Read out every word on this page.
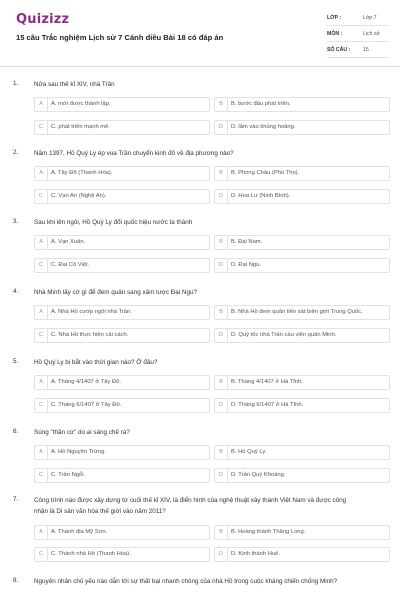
Quizizz
15 câu Trắc nghiệm Lịch sử 7 Cánh diều Bài 18 có đáp án
LỚP :	Lớp 7
MÔN :	Lịch sử
SỐ CÂU : 15
1. Nửa sau thế kỉ XIV, nhà Trần
A	A. mới được thành lập.	B	B. bước đầu phát triển.
C	C. phát triển mạnh mẽ.	D	D. lâm vào khủng hoảng.
2. Năm 1397, Hồ Quý Ly ép vua Trần chuyển kinh đô về địa phương nào?
A	A. Tây Đô (Thanh Hóa).	B	B. Phong Châu (Phú Thọ).
C	C. Vạn An (Nghệ An).	D	D. Hoa Lư (Ninh Bình).
3. Sau khi lên ngôi, Hồ Quý Ly đổi quốc hiệu nước ta thành
A	A. Vạn Xuân.	B	B. Đại Nam.
C	C. Đại Cồ Việt.	D	D. Đại Ngu.
4. Nhà Minh lấy cớ gì để đem quân sang xâm lược Đại Ngu?
A	A. Nhà Hồ cướp ngôi nhà Trần.	B	B. Nhà Hồ đem quân tiến sát biên giới Trung Quốc.
C	C. Nhà Hồ thực hiện cải cách.	D	D. Quý tộc nhà Trần cầu viện quân Minh.
5. Hồ Quý Ly bị bắt vào thời gian nào? Ở đâu?
A	A. Tháng 4/1407 ở Tây Đô.	B	B. Tháng 4/1407 ở Hà Tĩnh.
C	C. Tháng 6/1407 ở Tây Đô.	D	D. Tháng 6/1407 ở Hà Tĩnh.
6. Súng "thần cơ" do ai sáng chế ra?
A	A. Hồ Nguyên Trừng.	B	B. Hồ Quý Ly.
C	C. Trần Ngỗi.	D	D. Trần Quý Khoáng.
7. Công trình nào được xây dựng từ cuối thế kỉ XIV, là điển hình của nghệ thuật xây thành Việt Nam và được công nhận là Di sản văn hóa thế giới vào năm 2011?
A	A. Thánh địa Mỹ Sơn.	B	B. Hoàng thành Thăng Long.
C	C. Thành nhà Hồ (Thanh Hóa).	D	D. Kinh thành Huế.
8. Nguyên nhân chủ yếu nào dẫn tới sự thất bại nhanh chóng của nhà Hồ trong cuộc kháng chiến chống Minh?
